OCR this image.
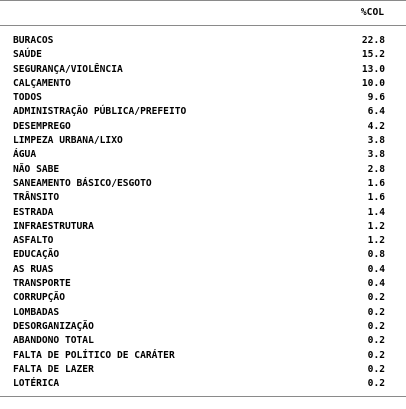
%COL
BURACOS	22.8
SAÚDE	15.2
SEGURANÇA/VIOLÊNCIA	13.0
CALÇAMENTO	10.0
TODOS	9.6
ADMINISTRAÇÃO PÚBLICA/PREFEITO	6.4
DESEMPREGO	4.2
LIMPEZA URBANA/LIXO	3.8
ÁGUA	3.8
NÃO SABE	2.8
SANEAMENTO BÁSICO/ESGOTO	1.6
TRÂNSITO	1.6
ESTRADA	1.4
INFRAESTRUTURA	1.2
ASFALTO	1.2
EDUCAÇÃO	0.8
AS RUAS	0.4
TRANSPORTE	0.4
CORRUPÇÃO	0.2
LOMBADAS	0.2
DESORGANIZAÇÃO	0.2
ABANDONO TOTAL	0.2
FALTA DE POLÍTICO DE CARÁTER	0.2
FALTA DE LAZER	0.2
LOTÉRICA	0.2
